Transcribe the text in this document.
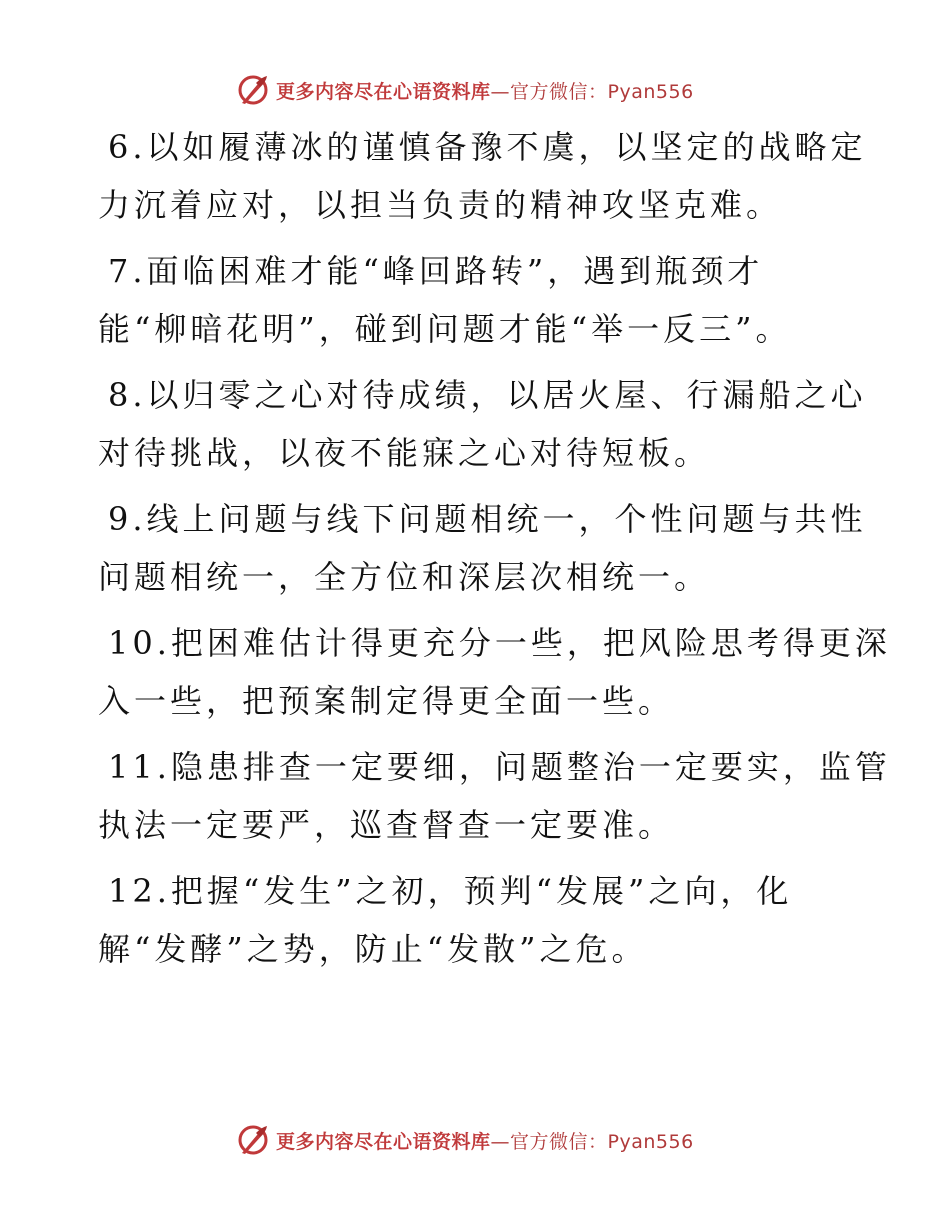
更多内容尽在心语资料库 —官方微信：Pyan556
6.以如履薄冰的谨慎备豫不虞，以坚定的战略定
力沉着应对，以担当负责的精神攻坚克难。
7.面临困难才能“峰回路转”，遇到瓶颈才
能“柳暗花明”，碰到问题才能“举一反三”。
8.以归零之心对待成绩，以居火屋、行漏船之心
对待挑战，以夜不能寐之心对待短板。
9.线上问题与线下问题相统一，个性问题与共性
问题相统一，全方位和深层次相统一。
10.把困难估计得更充分一些，把风险思考得更深
入一些，把预案制定得更全面一些。
11.隐患排查一定要细，问题整治一定要实，监管
执法一定要严，巡查督查一定要准。
12.把握“发生”之初，预判“发展”之向，化
解“发酵”之势，防止“发散”之危。
更多内容尽在心语资料库 —官方微信：Pyan556
